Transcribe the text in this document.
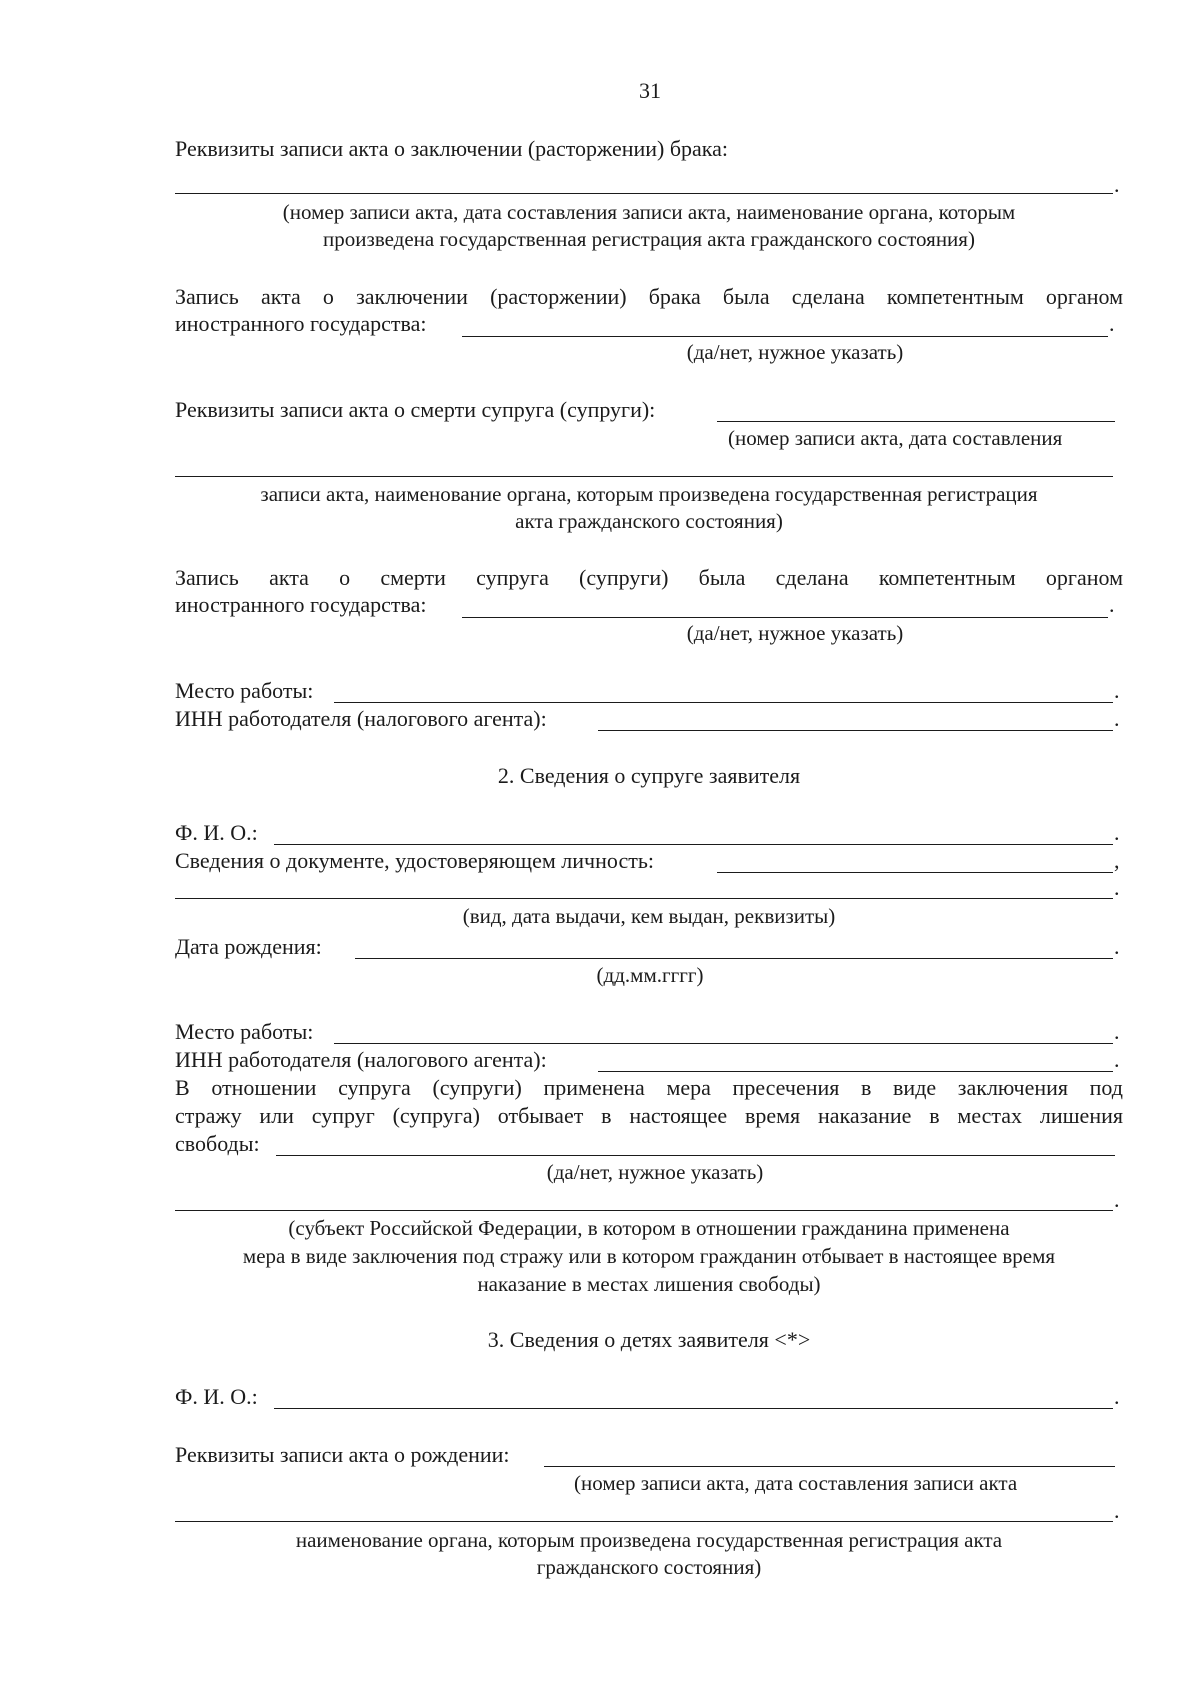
31
Реквизиты записи акта о заключении (расторжении) брака:
.
(номер записи акта, дата составления записи акта, наименование органа, которым
произведена государственная регистрация акта гражданского состояния)
Запись акта о заключении (расторжении) брака была сделана компетентным органом
иностранного государства:	.
(да/нет, нужное указать)
Реквизиты записи акта о смерти супруга (супруги):
(номер записи акта, дата составления
записи акта, наименование органа, которым произведена государственная регистрация
акта гражданского состояния)
Запись акта о смерти супруга (супруги) была сделана компетентным органом
иностранного государства:	.
(да/нет, нужное указать)
Место работы:	.
ИНН работодателя (налогового агента):	.
2. Сведения о супруге заявителя
Ф. И. О.:	.
Сведения о документе, удостоверяющем личность:	,
.
(вид, дата выдачи, кем выдан, реквизиты)
Дата рождения:	.
(дд.мм.гггг)
Место работы:	.
ИНН работодателя (налогового агента):	.
В отношении супруга (супруги) применена мера пресечения в виде заключения под
стражу или супруг (супруга) отбывает в настоящее время наказание в местах лишения
свободы:
(да/нет, нужное указать)
.
(субъект Российской Федерации, в котором в отношении гражданина применена
мера в виде заключения под стражу или в котором гражданин отбывает в настоящее время
наказание в местах лишения свободы)
3. Сведения о детях заявителя <*>
Ф. И. О.:	.
Реквизиты записи акта о рождении:
(номер записи акта, дата составления записи акта
.
наименование органа, которым произведена государственная регистрация акта
гражданского состояния)
